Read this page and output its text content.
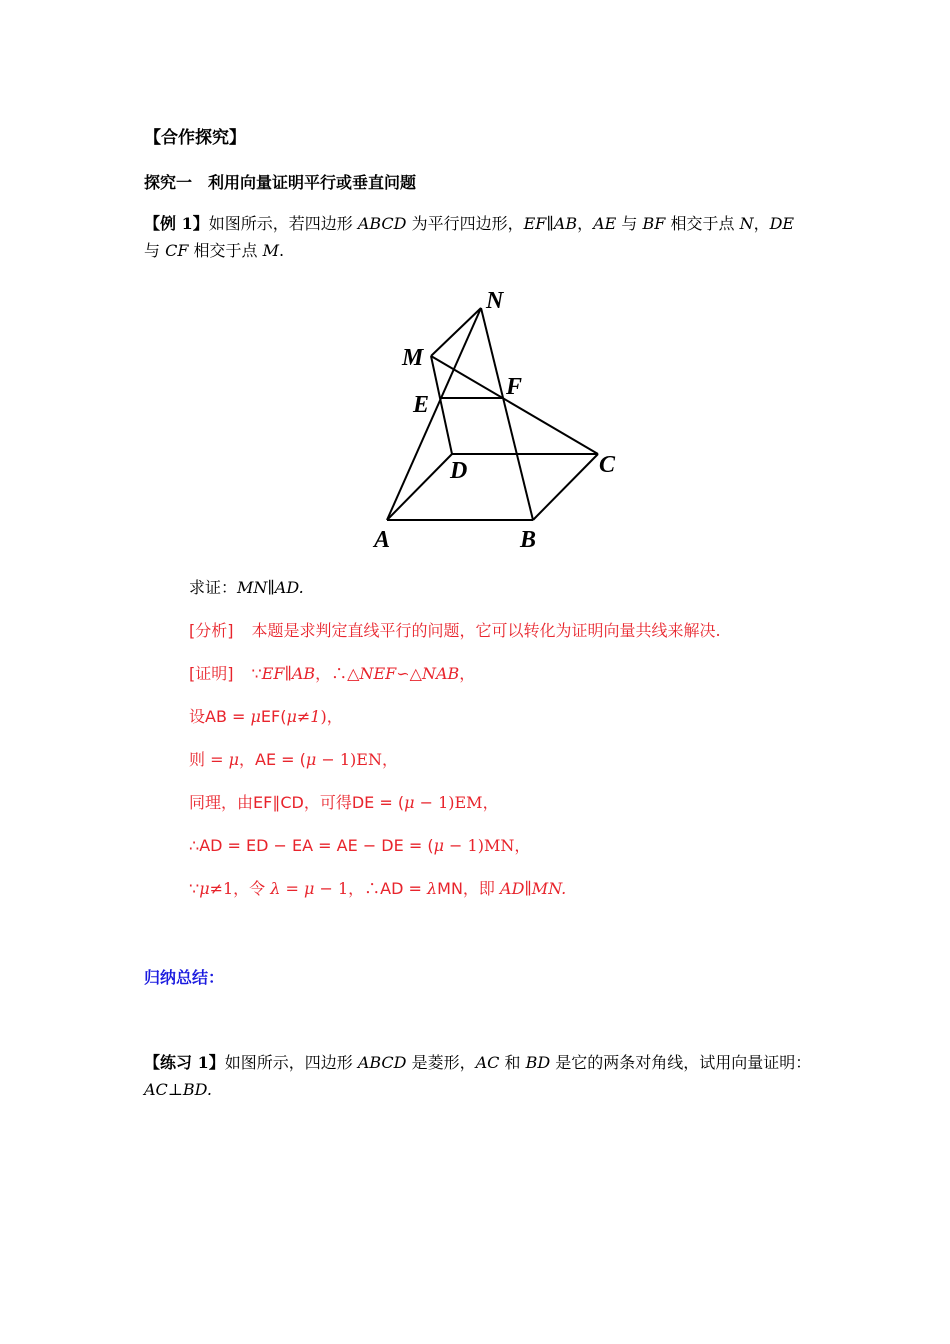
【合作探究】
探究一　利用向量证明平行或垂直问题
【例 1】如图所示，若四边形 ABCD 为平行四边形，EF∥AB，AE 与 BF 相交于点 N，DE
与 CF 相交于点 M.
N
M
F
E
D	C
A	B
求证：MN∥AD.
[分析] 本题是求判定直线平行的问题，它可以转化为证明向量共线来解决.
[证明] ∵EF∥AB，∴△NEF∽△NAB，
设AB = μEF(μ≠1)，
则 = μ，AE = (μ − 1)EN，
同理，由EF∥CD，可得DE = (μ − 1)EM，
∴AD = ED − EA = AE − DE = (μ − 1)MN，
∵μ≠1，令 λ = μ − 1，∴AD = λMN，即 AD∥MN.
归纳总结：
【练习 1】如图所示，四边形 ABCD 是菱形，AC 和 BD 是它的两条对角线，试用向量证明：
AC⊥BD.
